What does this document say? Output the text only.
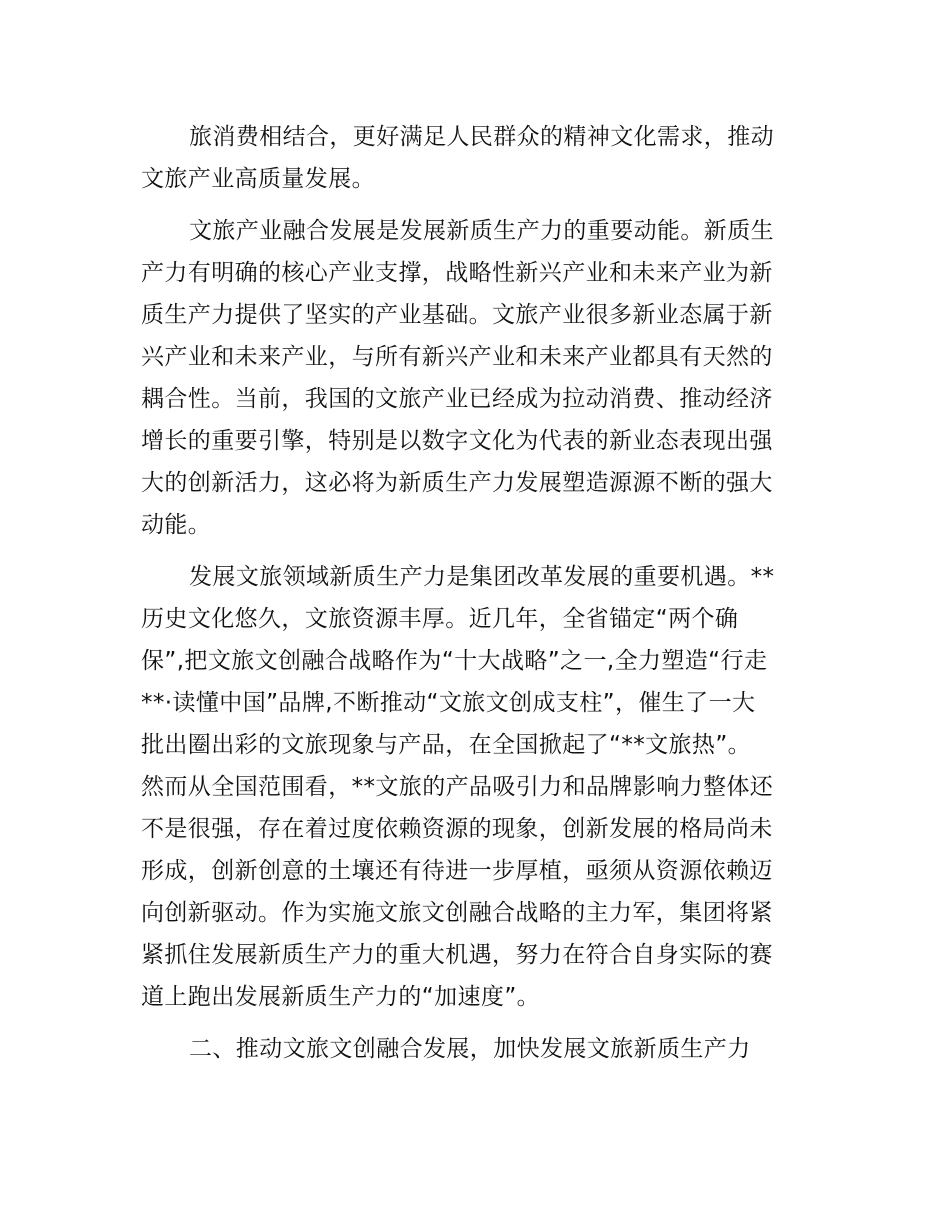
旅消费相结合，更好满足人民群众的精神文化需求，推动
文旅产业高质量发展。
文旅产业融合发展是发展新质生产力的重要动能。新质生
产力有明确的核心产业支撑，战略性新兴产业和未来产业为新
质生产力提供了坚实的产业基础。文旅产业很多新业态属于新
兴产业和未来产业，与所有新兴产业和未来产业都具有天然的
耦合性。当前，我国的文旅产业已经成为拉动消费、推动经济
增长的重要引擎，特别是以数字文化为代表的新业态表现出强
大的创新活力，这必将为新质生产力发展塑造源源不断的强大
动能。
发展文旅领域新质生产力是集团改革发展的重要机遇。**
历史文化悠久，文旅资源丰厚。近几年，全省锚定“两个确
保”,把文旅文创融合战略作为“十大战略”之一,全力塑造“行走
**·读懂中国”品牌,不断推动“文旅文创成支柱”，催生了一大
批出圈出彩的文旅现象与产品，在全国掀起了“**文旅热”。
然而从全国范围看，**文旅的产品吸引力和品牌影响力整体还
不是很强，存在着过度依赖资源的现象，创新发展的格局尚未
形成，创新创意的土壤还有待进一步厚植，亟须从资源依赖迈
向创新驱动。作为实施文旅文创融合战略的主力军，集团将紧
紧抓住发展新质生产力的重大机遇，努力在符合自身实际的赛
道上跑出发展新质生产力的“加速度”。
二、推动文旅文创融合发展，加快发展文旅新质生产力
